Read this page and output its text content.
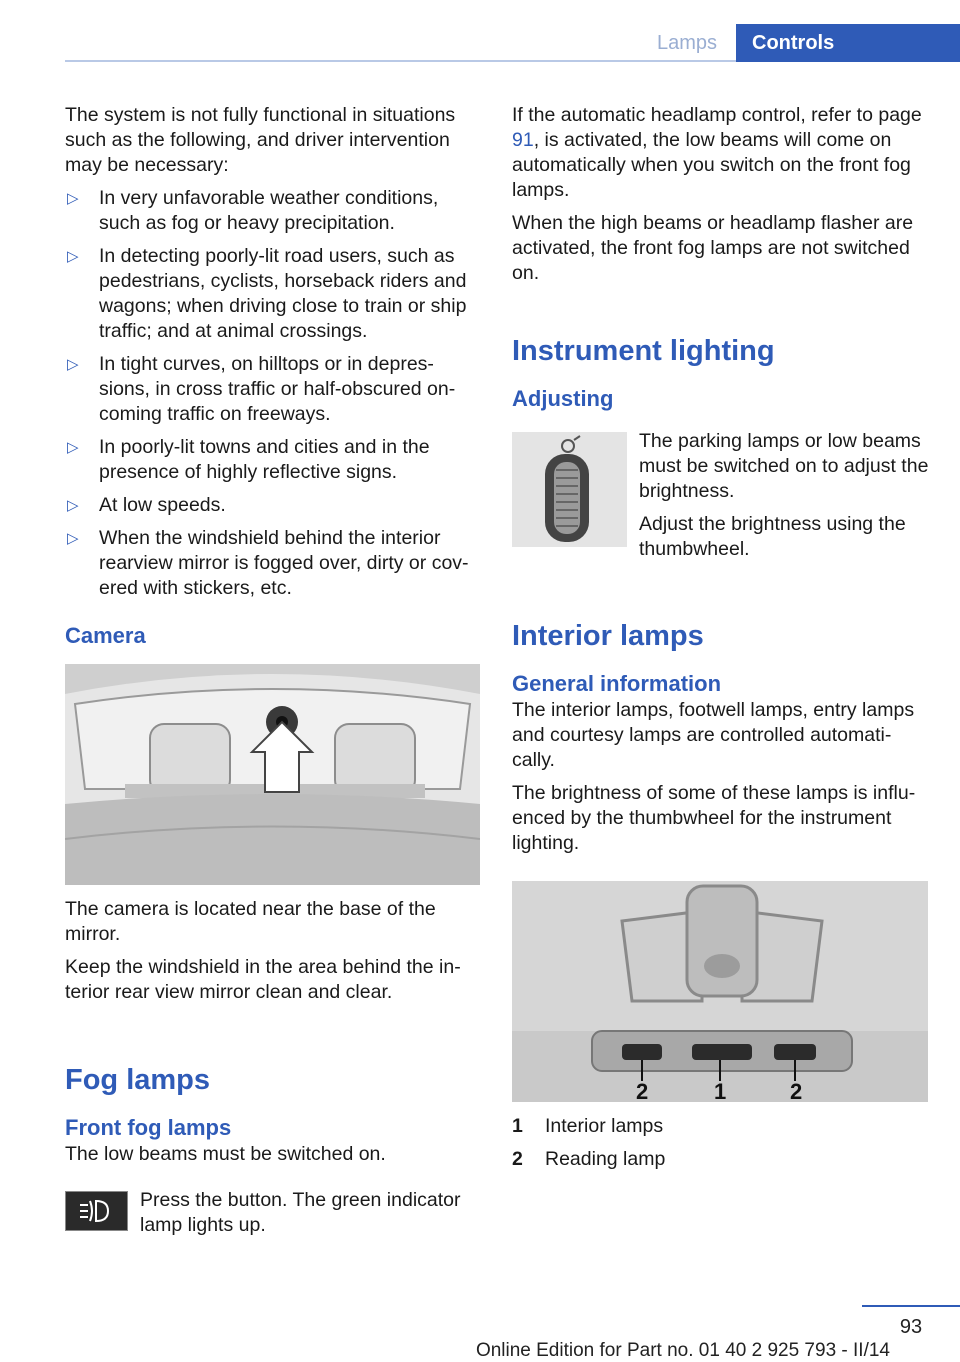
Lamps	Controls

The system is not fully functional in situations such as the following, and driver intervention may be necessary:

▷ In very unfavorable weather conditions, such as fog or heavy precipitation.
▷ In detecting poorly-lit road users, such as pedestrians, cyclists, horseback riders and wagons; when driving close to train or ship traffic; and at animal crossings.
▷ In tight curves, on hilltops or in depres-sions, in cross traffic or half-obscured on-coming traffic on freeways.
▷ In poorly-lit towns and cities and in the presence of highly reflective signs.
▷ At low speeds.
▷ When the windshield behind the interior rearview mirror is fogged over, dirty or cov-ered with stickers, etc.
Camera

The camera is located near the base of the mirror.

Keep the windshield in the area behind the in-terior rear view mirror clean and clear.

Fog lamps
Front fog lamps

The low beams must be switched on.

Press the button. The green indicator lamp lights up.

If the automatic headlamp control, refer to page 91, is activated, the low beams will come on automatically when you switch on the front fog lamps.

When the high beams or headlamp flasher are activated, the front fog lamps are not switched on.

Instrument lighting
Adjusting

The parking lamps or low beams must be switched on to adjust the brightness.

Adjust the brightness using the thumbwheel.

Interior lamps
General information

The interior lamps, footwell lamps, entry lamps and courtesy lamps are controlled automati-cally.

The brightness of some of these lamps is influ-enced by the thumbwheel for the instrument lighting.

2	1	2
1	Interior lamps
2	Reading lamp
93
Online Edition for Part no. 01 40 2 925 793 - II/14
